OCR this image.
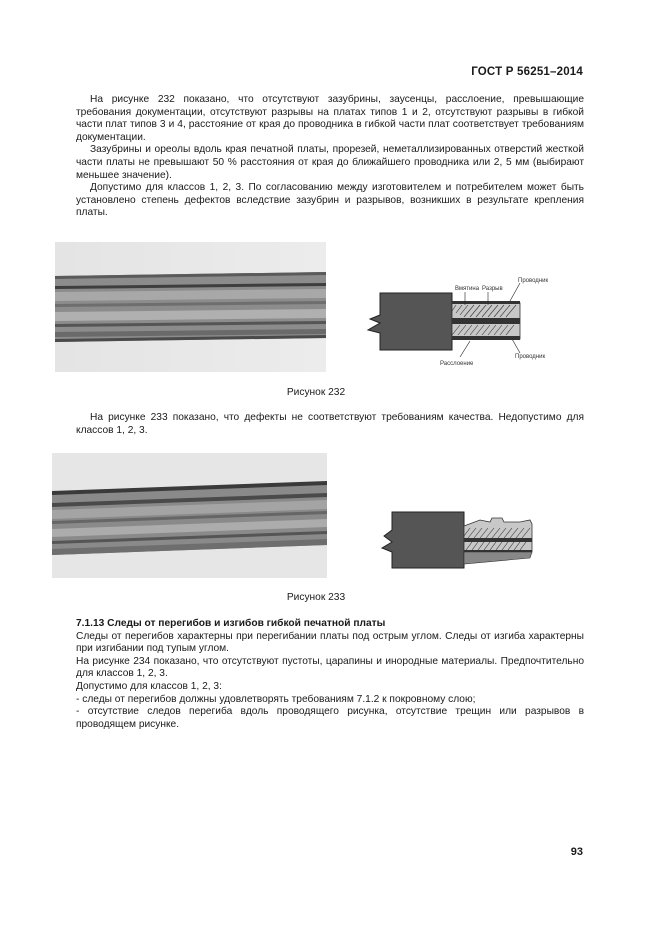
ГОСТ Р 56251–2014

На рисунке 232 показано, что отсутствуют зазубрины, заусенцы, расслоение, превышающие требования документации, отсутствуют разрывы на платах типов 1 и 2, отсутствуют разрывы в гибкой части плат типов 3 и 4, расстояние от края до проводника в гибкой части плат соответствует требованиям документации.

Зазубрины и ореолы вдоль края печатной платы, прорезей, неметаллизированных отверстий жесткой части платы не превышают 50 % расстояния от края до ближайшего проводника или 2, 5 мм (выбирают меньшее значение).

Допустимо для классов 1, 2, 3. По согласованию между изготовителем и потребителем может быть установлено степень дефектов вследствие зазубрин и разрывов, возникших в результате крепления платы.

Вмятина Разрыв
Проводник
Проводник
Расслоение
Рисунок 232

На рисунке 233 показано, что дефекты не соответствуют требованиям качества. Недопустимо для классов 1, 2, 3.

Рисунок 233

7.1.13 Следы от перегибов и изгибов гибкой печатной платы

Следы от перегибов характерны при перегибании платы под острым углом. Следы от изгиба характерны при изгибании под тупым углом.

На рисунке 234 показано, что отсутствуют пустоты, царапины и инородные материалы. Предпочтительно для классов 1, 2, 3.

Допустимо для классов 1, 2, 3:

- следы от перегибов должны удовлетворять требованиям 7.1.2 к покровному слою;

- отсутствие следов перегиба вдоль проводящего рисунка, отсутствие трещин или разрывов в проводящем рисунке.

93
